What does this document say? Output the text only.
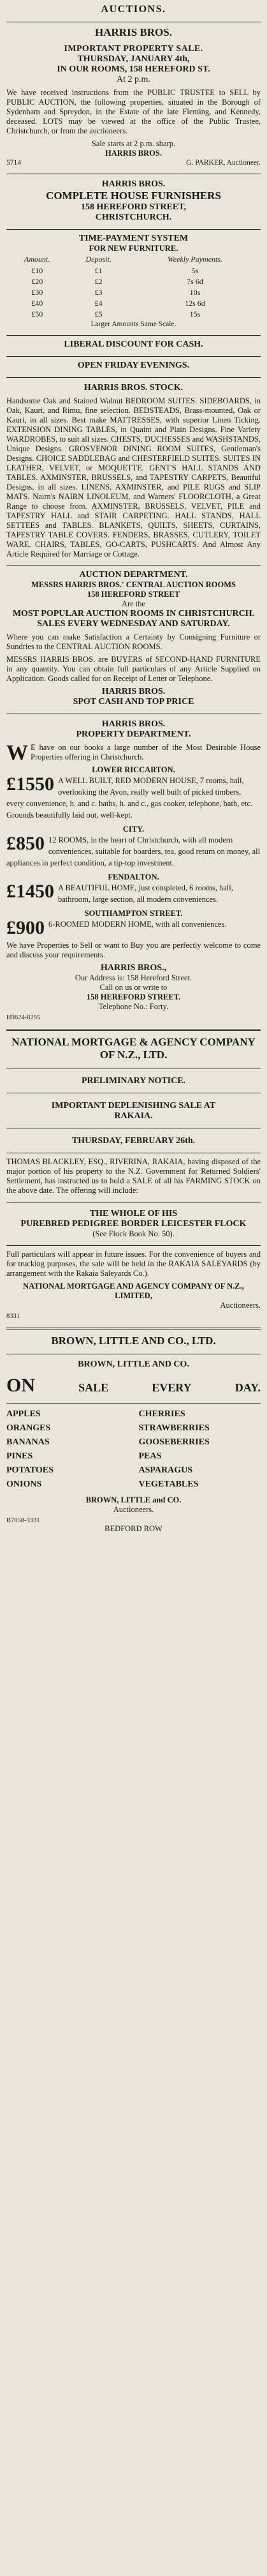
AUCTIONS.
HARRIS BROS.
IMPORTANT PROPERTY SALE.
THURSDAY, JANUARY 4th,
IN OUR ROOMS, 158 HEREFORD ST.
At 2 p.m.

We have received instructions from the PUBLIC TRUSTEE to SELL by PUBLIC AUCTION, the following properties, situated in the Borough of Sydenham and Spreydon, in the Estate of the late Fleming, and Kennedy, deceased. LOTS may be viewed at the office of the Public Trustee, Christchurch, or from the auctioneers.

Sale starts at 2 p.m. sharp.
HARRIS BROS.
5714	G. PARKER, Auctioneer.
HARRIS BROS.
COMPLETE HOUSE FURNISHERS
158 HEREFORD STREET,
CHRISTCHURCH.
TIME-PAYMENT SYSTEM
FOR NEW FURNITURE.
Amount.	Deposit.	Weekly Payments.
£10	£1	5s
£20	£2	7s 6d
£30	£3	10s
£40	£4	12s 6d
£50	£5	15s
Larger Amounts Same Scale.
LIBERAL DISCOUNT FOR CASH.
OPEN FRIDAY EVENINGS.
HARRIS BROS. STOCK.

Handsome Oak and Stained Walnut BEDROOM SUITES. SIDEBOARDS, in Oak, Kauri, and Rimu, fine selection. BEDSTEADS, Brass-mounted, Oak or Kauri, in all sizes. Best make MATTRESSES, with superior Linen Ticking. EXTENSION DINING TABLES, in Quaint and Plain Designs. Fine Variety WARDROBES, to suit all sizes. CHESTS, DUCHESSES and WASHSTANDS, Unique Designs. GROSVENOR DINING ROOM SUITES, Gentleman's Designs. CHOICE SADDLEBAG and CHESTERFIELD SUITES. SUITES IN LEATHER, VELVET, or MOQUETTE. GENT'S HALL STANDS AND TABLES. AXMINSTER, BRUSSELS, and TAPESTRY CARPETS, Beautiful Designs, in all sizes. LINENS, AXMINSTER, and PILE RUGS and SLIP MATS. Nairn's NAIRN LINOLEUM, and Warners' FLOORCLOTH, a Great Range to choose from. AXMINSTER, BRUSSELS, VELVET, PILE and TAPESTRY HALL and STAIR CARPETING. HALL STANDS, HALL SETTEES and TABLES. BLANKETS, QUILTS, SHEETS, CURTAINS, TAPESTRY TABLE COVERS. FENDERS, BRASSES, CUTLERY, TOILET WARE. CHAIRS, TABLES, GO-CARTS, PUSHCARTS. And Almost Any Article Required for Marriage or Cottage.

AUCTION DEPARTMENT.
MESSRS HARRIS BROS.' CENTRAL AUCTION ROOMS
158 HEREFORD STREET
Are the
MOST POPULAR AUCTION ROOMS IN CHRISTCHURCH.
SALES EVERY WEDNESDAY AND SATURDAY.

Where you can make Satisfaction a Certainty by Consigning Furniture or Sundries to the CENTRAL AUCTION ROOMS.

MESSRS HARRIS BROS. are BUYERS of SECOND-HAND FURNITURE in any quantity. You can obtain full particulars of any Article Supplied on Application. Goods called for on Receipt of Letter or Telephone.

HARRIS BROS.
SPOT CASH AND TOP PRICE
HARRIS BROS.
PROPERTY DEPARTMENT.

W E have on our books a large number of the Most Desirable House Properties offering in Christchurch.

LOWER RICCARTON.
£1550 A WELL BUILT, RED MODERN HOUSE, 7 rooms, hall, overlooking the Avon, really well built of picked timbers, every convenience, h. and c. baths, h. and c., gas cooker, telephone, bath, etc. Grounds beautifully laid out, well-kept.
CITY.
£850 12 ROOMS, in the heart of Christchurch, with all modern conveniences, suitable for boarders, tea, good return on money, all appliances in perfect condition, a tip-top investment.
FENDALTON.
£1450 A BEAUTIFUL HOME, just completed, 6 rooms, hall, bathroom, large section, all modern conveniences.
SOUTHAMPTON STREET.
£900 6-ROOMED MODERN HOME, with all conveniences.

We have Properties to Sell or want to Buy you are perfectly welcome to come and discuss your requirements.

HARRIS BROS.,
Our Address is: 158 Hereford Street.
Call on us or write to
158 HEREFORD STREET.
Telephone No.: Forty.
H9624-8295
NATIONAL MORTGAGE & AGENCY COMPANY OF N.Z., LTD.
PRELIMINARY NOTICE.
IMPORTANT DEPLENISHING SALE AT
RAKAIA.
THURSDAY, FEBRUARY 26th.

THOMAS BLACKLEY, ESQ., RIVERINA, RAKAIA, having disposed of the major portion of his property to the N.Z. Government for Returned Soldiers' Settlement, has instructed us to hold a SALE of all his FARMING STOCK on the above date. The offering will include:

THE WHOLE OF HIS
PUREBRED PEDIGREE BORDER LEICESTER FLOCK
(See Flock Book No. 50).

Full particulars will appear in future issues. For the convenience of buyers and for trucking purposes, the sale will be held in the RAKAIA SALEYARDS (by arrangement with the Rakaia Saleyards Co.).

NATIONAL MORTGAGE AND AGENCY COMPANY OF N.Z., LIMITED,
Auctioneers.
8331
BROWN, LITTLE AND CO., LTD.
BROWN, LITTLE AND CO.
ON	SALE	EVERY	DAY.
APPLES	CHERRIES
ORANGES	STRAWBERRIES
BANANAS	GOOSEBERRIES
PINES	PEAS
POTATOES	ASPARAGUS
ONIONS	VEGETABLES
BROWN, LITTLE and CO.
Auctioneers.
B7058-3331
BEDFORD ROW
